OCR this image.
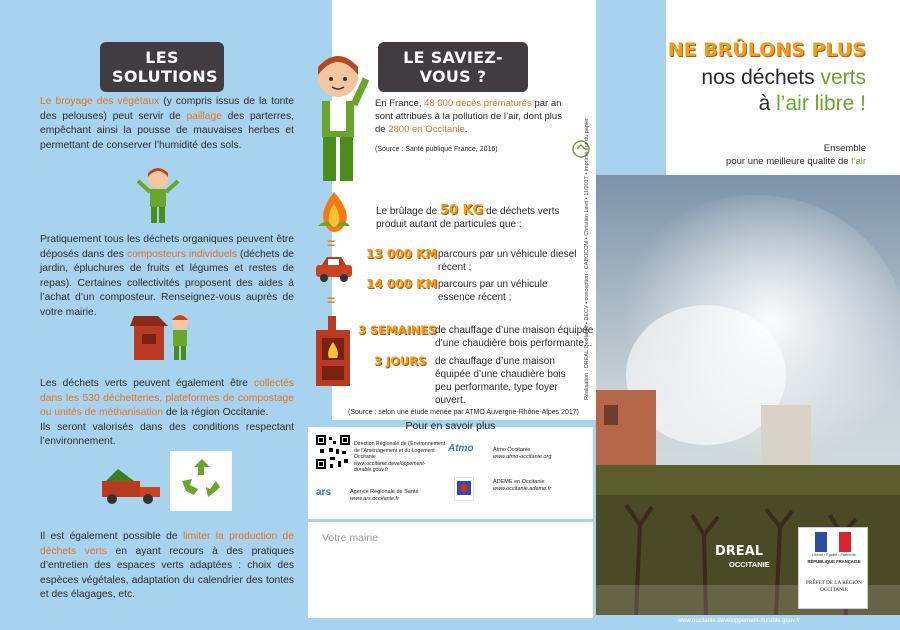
LES SOLUTIONS
Le broyage des végétaux (y compris issus de la tonte des pelouses) peut servir de paillage des parterres, empêchant ainsi la pousse de mauvaises herbes et permettant de conserver l’humidité des sols.
Pratiquement tous les déchets organiques peuvent être déposés dans des composteurs individuels (déchets de jardin, épluchures de fruits et légumes et restes de repas). Certaines collectivités proposent des aides à l’achat d’un composteur. Renseignez-vous auprès de votre mairie.
Les déchets verts peuvent également être collectés dans les 530 déchetteries, plateformes de compostage ou unités de méthanisation de la région Occitanie.
Ils seront valorisés dans des conditions respectant l’environnement.
Il est également possible de limiter la production de déchets verts en ayant recours à des pratiques d’entretien des espaces verts adaptées : choix des espèces végétales, adaptation du calendrier des tontes et des élagages, etc.
LE SAVIEZ-VOUS ?
En France, 48 000 décès prématurés par an sont attribués à la pollution de l’air, dont plus de 2800 en Occitanie.
(Source : Santé publique France, 2016)
=
=
Le brûlage de 50 KG de déchets verts produit autant de particules que :
13 000 KM parcours par un véhicule diesel récent ;
14 000 KM parcours par un véhicule essence récent ;
3 SEMAINES
de chauffage d’une maison équipée d’une chaudière bois performante...
3 JOURS de chauffage d’une maison équipée d’une chaudière bois peu performante, type foyer ouvert.
(Source : selon une étude menée par ATMO Auvergne-Rhône-Alpes 2017)
Réalisation : DREAL Occitanie • DECV • conception : CABOCOM • Christian Lavri • 11/2017 • imprimé sur du papier
Pour en savoir plus
Direction Régionale de l’Environnement de l’Aménagement et du Logement Occitanie
www.occitanie.developpement-durable.gouv.fr
Atmo	Atmo Occitanie
www.atmo-occitanie.org
ars	Agence Régionale de Santé
www.ars.occitanie.fr
ADEME en Occitanie
www.occitanie.ademe.fr
Votre mairie
NE BRÛLONS PLUS
nos déchets verts
à l’air libre !
Ensemble
pour une meilleure qualité de l’air
DREAL
OCCITANIE
Liberté • Égalité • Fraternité
RÉPUBLIQUE FRANÇAISE
PRÉFET DE LA RÉGION OCCITANIE
www.occitanie.developpement-durable.gouv.fr
